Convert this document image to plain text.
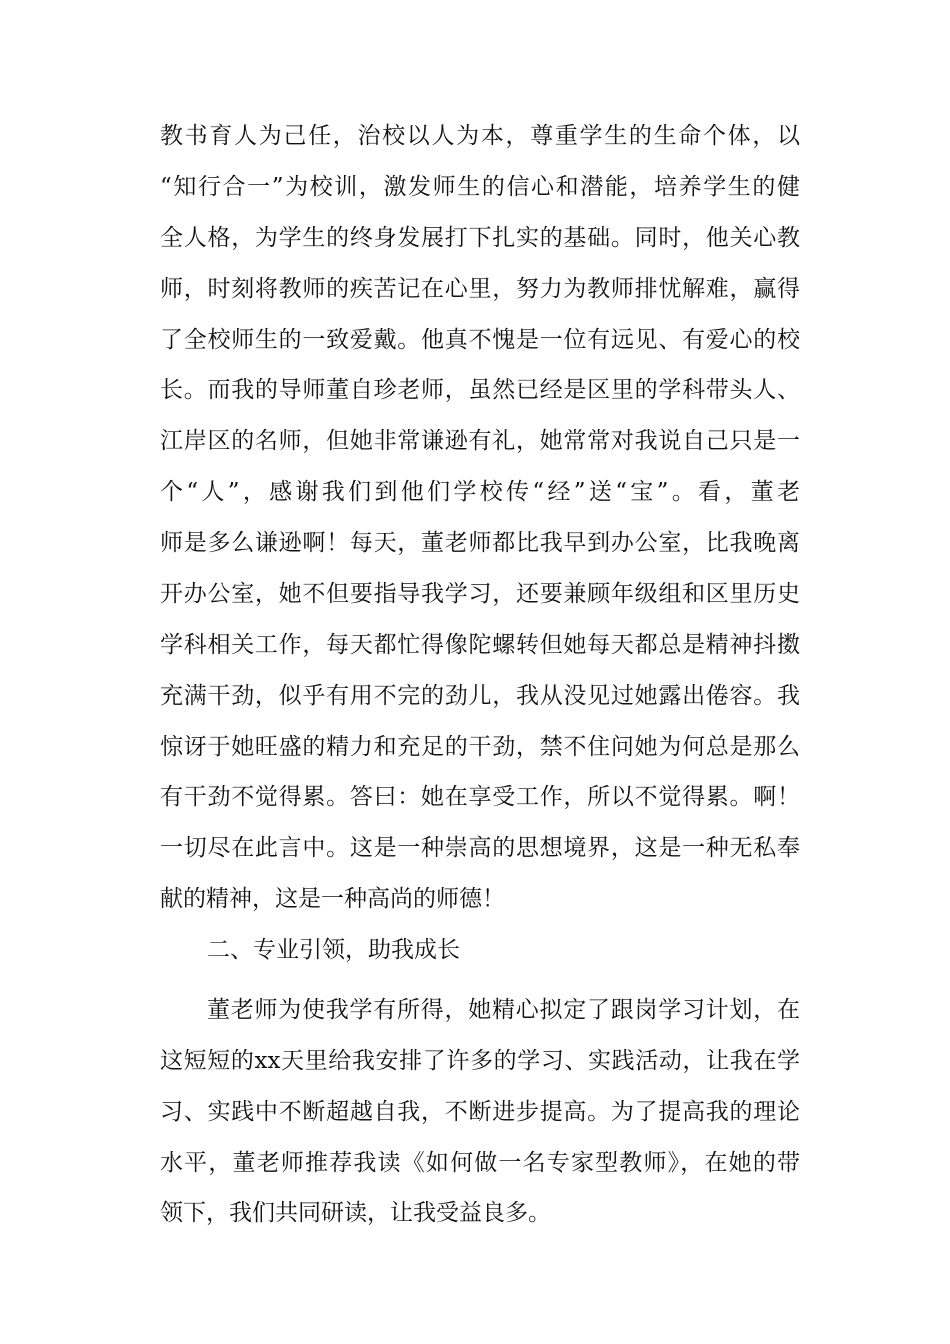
教书育人为己任，治校以人为本，尊重学生的生命个体，以
“知行合一”为校训，激发师生的信心和潜能，培养学生的健
全人格，为学生的终身发展打下扎实的基础。同时，他关心教
师，时刻将教师的疾苦记在心里，努力为教师排忧解难，赢得
了全校师生的一致爱戴。他真不愧是一位有远见、有爱心的校
长。而我的导师董自珍老师，虽然已经是区里的学科带头人、
江岸区的名师，但她非常谦逊有礼，她常常对我说自己只是一
个“人”，感谢我们到他们学校传“经”送“宝”。看，董老
师是多么谦逊啊！每天，董老师都比我早到办公室，比我晚离
开办公室，她不但要指导我学习，还要兼顾年级组和区里历史
学科相关工作，每天都忙得像陀螺转但她每天都总是精神抖擞
充满干劲，似乎有用不完的劲儿，我从没见过她露出倦容。我
惊讶于她旺盛的精力和充足的干劲，禁不住问她为何总是那么
有干劲不觉得累。答曰：她在享受工作，所以不觉得累。啊！
一切尽在此言中。这是一种崇高的思想境界，这是一种无私奉
献的精神，这是一种高尚的师德！
二、专业引领，助我成长
董老师为使我学有所得，她精心拟定了跟岗学习计划，在
这短短的xx天里给我安排了许多的学习、实践活动，让我在学
习、实践中不断超越自我，不断进步提高。为了提高我的理论
水平，董老师推荐我读《如何做一名专家型教师》，在她的带
领下，我们共同研读，让我受益良多。
